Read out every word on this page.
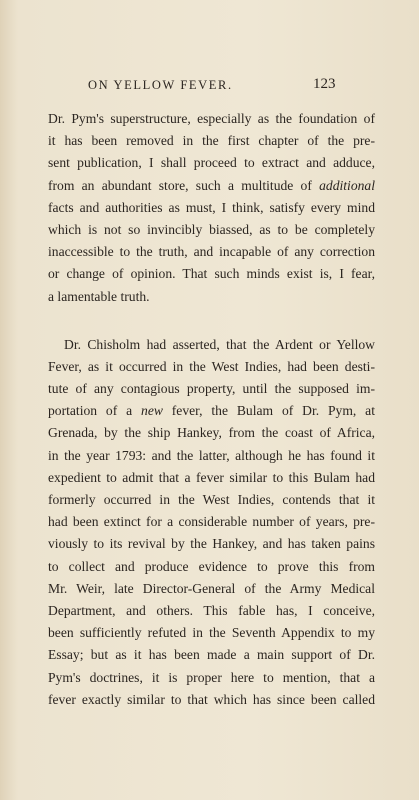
ON YELLOW FEVER.	123
Dr. Pym's superstructure, especially as the foundation of
it has been removed in the first chapter of the pre-
sent publication, I shall proceed to extract and adduce,
from an abundant store, such a multitude of additional
facts and authorities as must, I think, satisfy every mind
which is not so invincibly biassed, as to be completely
inaccessible to the truth, and incapable of any correction
or change of opinion. That such minds exist is, I fear,
a lamentable truth.
Dr. Chisholm had asserted, that the Ardent or Yellow
Fever, as it occurred in the West Indies, had been desti-
tute of any contagious property, until the supposed im-
portation of a new fever, the Bulam of Dr. Pym, at
Grenada, by the ship Hankey, from the coast of Africa,
in the year 1793: and the latter, although he has found it
expedient to admit that a fever similar to this Bulam had
formerly occurred in the West Indies, contends that it
had been extinct for a considerable number of years, pre-
viously to its revival by the Hankey, and has taken pains
to collect and produce evidence to prove this from
Mr. Weir, late Director-General of the Army Medical
Department, and others. This fable has, I conceive,
been sufficiently refuted in the Seventh Appendix to my
Essay; but as it has been made a main support of Dr.
Pym's doctrines, it is proper here to mention, that a
fever exactly similar to that which has since been called
